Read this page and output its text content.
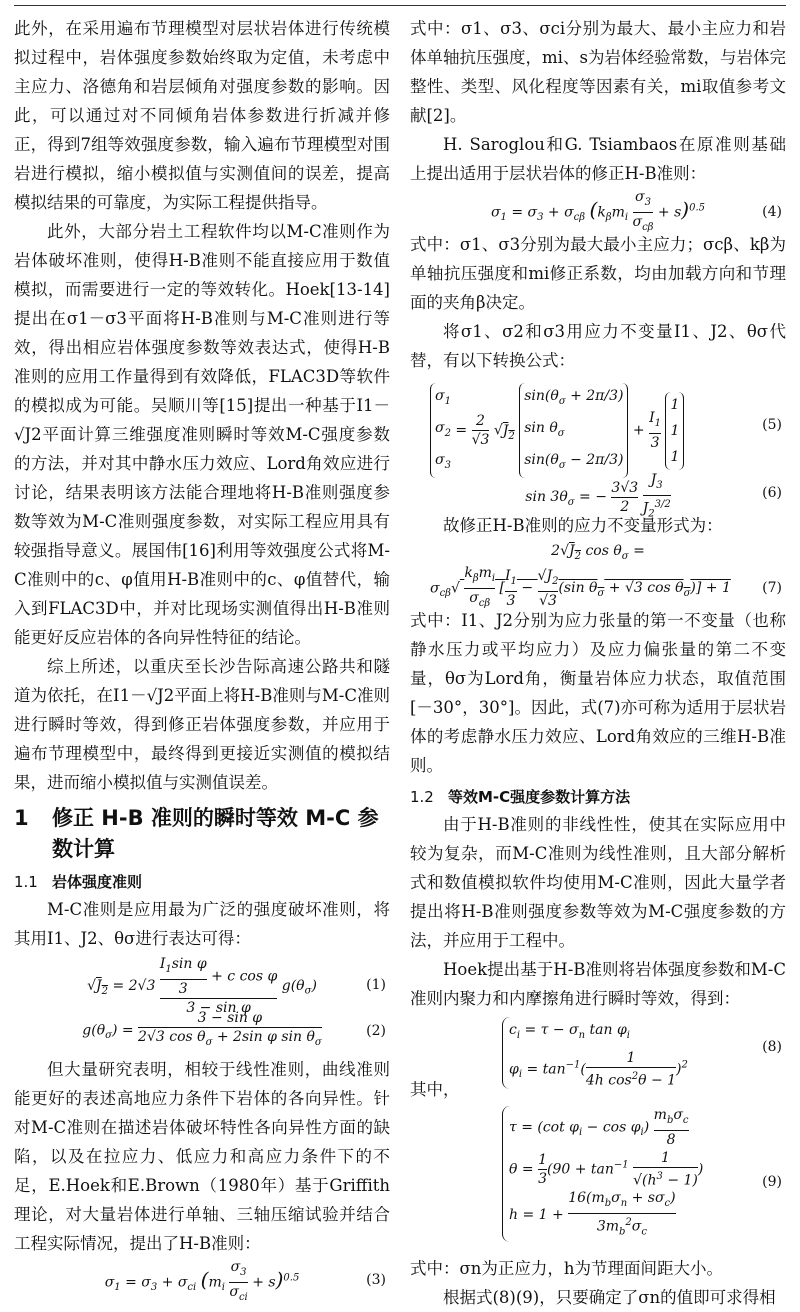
此外，在采用遍布节理模型对层状岩体进行传统模拟过程中，岩体强度参数始终取为定值，未考虑中主应力、洛德角和岩层倾角对强度参数的影响。因此，可以通过对不同倾角岩体参数进行折减并修正，得到7组等效强度参数，输入遍布节理模型对围岩进行模拟，缩小模拟值与实测值间的误差，提高模拟结果的可靠度，为实际工程提供指导。

此外，大部分岩土工程软件均以M-C准则作为岩体破坏准则，使得H-B准则不能直接应用于数值模拟，而需要进行一定的等效转化。Hoek[13-14]提出在σ1－σ3平面将H-B准则与M-C准则进行等效，得出相应岩体强度参数等效表达式，使得H-B准则的应用工作量得到有效降低，FLAC3D等软件的模拟成为可能。吴顺川等[15]提出一种基于I1－√J2平面计算三维强度准则瞬时等效M-C强度参数的方法，并对其中静水压力效应、Lord角效应进行讨论，结果表明该方法能合理地将H-B准则强度参数等效为M-C准则强度参数，对实际工程应用具有较强指导意义。展国伟[16]利用等效强度公式将M-C准则中的c、φ值用H-B准则中的c、φ值替代，输入到FLAC3D中，并对比现场实测值得出H-B准则能更好反应岩体的各向异性特征的结论。

综上所述，以重庆至长沙告际高速公路共和隧道为依托，在I1－√J2平面上将H-B准则与M-C准则进行瞬时等效，得到修正岩体强度参数，并应用于遍布节理模型中，最终得到更接近实测值的模拟结果，进而缩小模拟值与实测值误差。

1 修正 H-B 准则的瞬时等效 M-C 参
数计算
1.1 岩体强度准则

M-C准则是应用最为广泛的强度破坏准则，将其用I1、J2、θσ进行表达可得：

$√J_2 = 2√3 \frac{\frac{I_1\sin \varphi}{3} + c \cos \varphi}{\text{3 − sin φ}} g(\theta_\sigma)$	(1)
$g(\theta_\sigma) = \frac{\text{3 − sin φ}}{2√3 \cos \theta_\sigma + 2\sin \varphi \sin \theta_\sigma}$	(2)

但大量研究表明，相较于线性准则，曲线准则能更好的表述高地应力条件下岩体的各向异性。针对M-C准则在描述岩体破坏特性各向异性方面的缺陷，以及在拉应力、低应力和高应力条件下的不足，E.Hoek和E.Brown（1980年）基于Griffith理论，对大量岩体进行单轴、三轴压缩试验并结合工程实际情况，提出了H-B准则：

$\sigma_1 = \sigma_3 + \sigma_{ci}$ $(m_i \frac{\sigma_3}{\sigma_{ci}} + s)^{0.5}$	(3)

式中：σ1、σ3、σci分别为最大、最小主应力和岩体单轴抗压强度，mi、s为岩体经验常数，与岩体完整性、类型、风化程度等因素有关，mi取值参考文献[2]。

H. Saroglou和G. Tsiambaos在原准则基础上提出适用于层状岩体的修正H-B准则：

$\sigma_1 = \sigma_3 + \sigma_{c\beta}$ $(k_\beta m_i \frac{\sigma_3}{\sigma_{c\beta}} + s)^{0.5}$	(4)

式中：σ1、σ3分别为最大最小主应力；σcβ、kβ为单轴抗压强度和mi修正系数，均由加载方向和节理面的夹角β决定。

将σ1、σ2和σ3用应力不变量I1、J2、θσ代替，有以下转换公式：

$\sigma_1$
$\sigma_2$
$\sigma_3 = \frac{2}{√3} √J_2$ $\sin(\theta_\sigma + 2\pi/3)$
$\sin \theta_\sigma$
$\sin(\theta_\sigma - 2\pi/3) + \frac{I_1}{3}$
1
1
1
(5)
$\sin 3\theta_\sigma$ = − $\frac{3√3}{2}$
$\frac{J_3}{J_2^{3/2}}$	(6)

故修正H-B准则的应力不变量形式为：

$2√J_2$ $\cos \theta_\sigma$ =
$\sigma_{c\beta}√ \frac{k_\beta m_i}{\sigma_{c\beta}}$ [ $\frac{I_1}{3} - \frac{√J_2}{√3} (\sin$ $\theta_\sigma + √3$ $\cos \theta_\sigma)] + 1$ (7)

式中：I1、J2分别为应力张量的第一不变量（也称静水压力或平均应力）及应力偏张量的第二不变量，θσ为Lord角，衡量岩体应力状态，取值范围[－30°，30°]。因此，式(7)亦可称为适用于层状岩体的考虑静水压力效应、Lord角效应的三维H-B准则。

1.2 等效M-C强度参数计算方法

由于H-B准则的非线性性，使其在实际应用中较为复杂，而M-C准则为线性准则，且大部分解析式和数值模拟软件均使用M-C准则，因此大量学者提出将H-B准则强度参数等效为M-C强度参数的方法，并应用于工程中。

Hoek提出基于H-B准则将岩体强度参数和M-C准则内聚力和内摩擦角进行瞬时等效，得到：

$c_i = \tau - \sigma_n$ $\tan \varphi_i$
$\varphi_i = \tan^{-1}( \frac{1}{4h \cos^2\theta - 1} )^2$
(8)

其中，

τ = (cot $\varphi_i - \cos \varphi_i) \frac{m_b\sigma_c}{8}$

$\theta = \frac{1}{3} (90 + \tan^{-1} \frac{1}{√(h^3 - 1)}$ )
$h = 1 + \frac{16(m_b\sigma_n + s\sigma_c)}{3m_b^2\sigma_c}$
(9)

式中：σn为正应力，h为节理面间距大小。

根据式(8)(9)，只要确定了σn的值即可求得相
